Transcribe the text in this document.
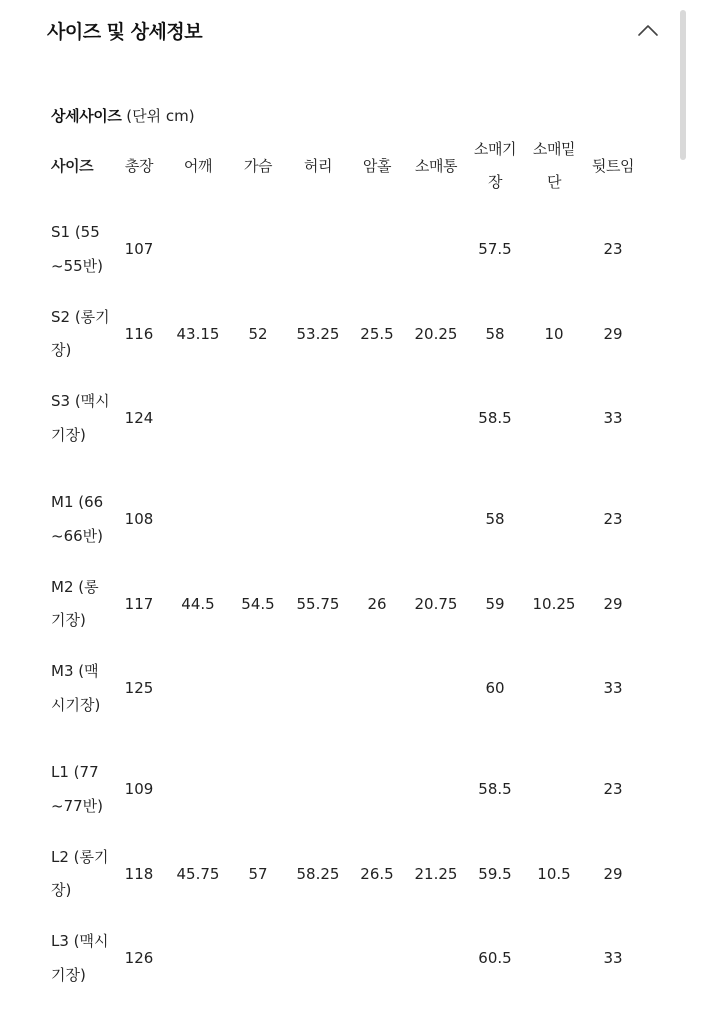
사이즈 및 상세정보
상세사이즈 (단위 cm)
사이즈	총장	어깨	가슴	허리	암홀	소매통	소매기장	소매밑단	뒷트임

S1 (55~55반)	107						57.5		23

S2 (롱기장)	116	43.15	52	53.25	25.5	20.25	58	10	29

S3 (맥시기장)	124						58.5		33

M1 (66~66반)	108						58		23

M2 (롱기장)	117	44.5	54.5	55.75	26	20.75	59	10.25	29

M3 (맥시기장)	125						60		33

L1 (77~77반)	109						58.5		23

L2 (롱기장)	118	45.75	57	58.25	26.5	21.25	59.5	10.5	29

L3 (맥시기장)	126						60.5		33
